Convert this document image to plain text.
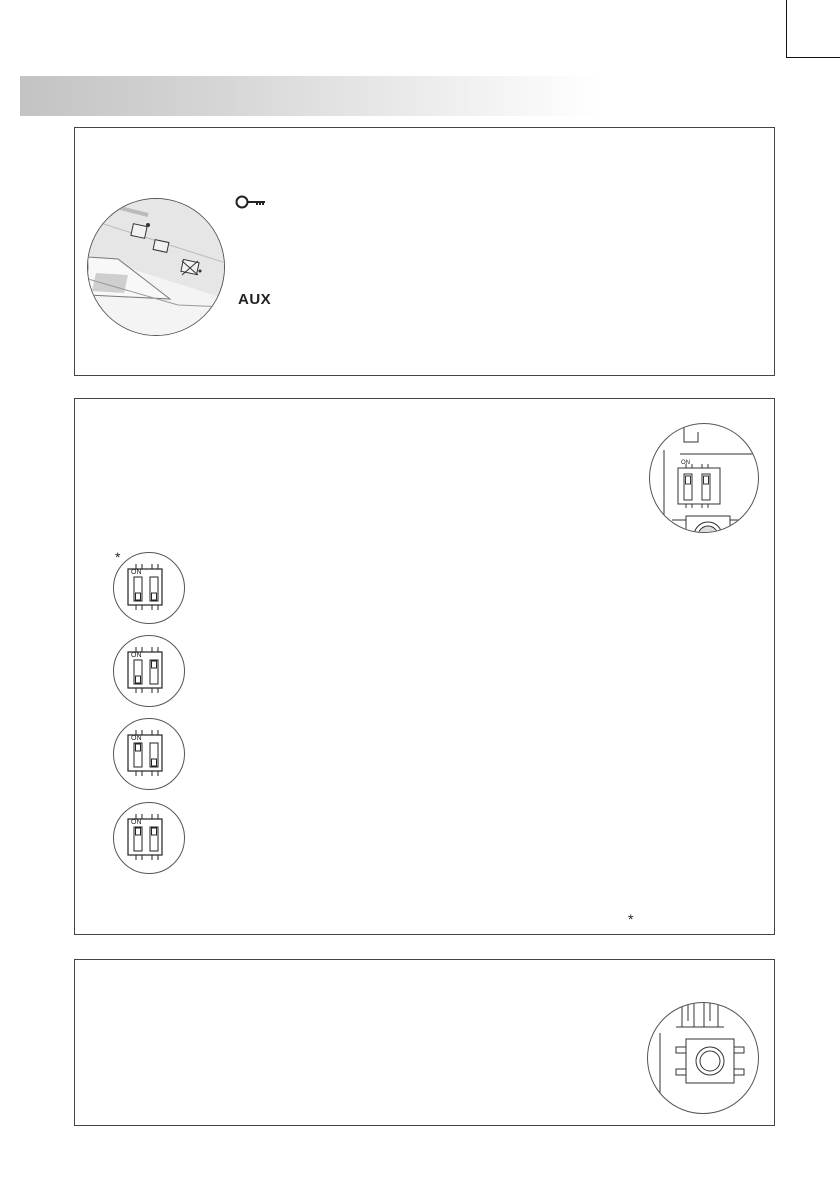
AUX
ON
*
ON
ON
ON
ON
*
